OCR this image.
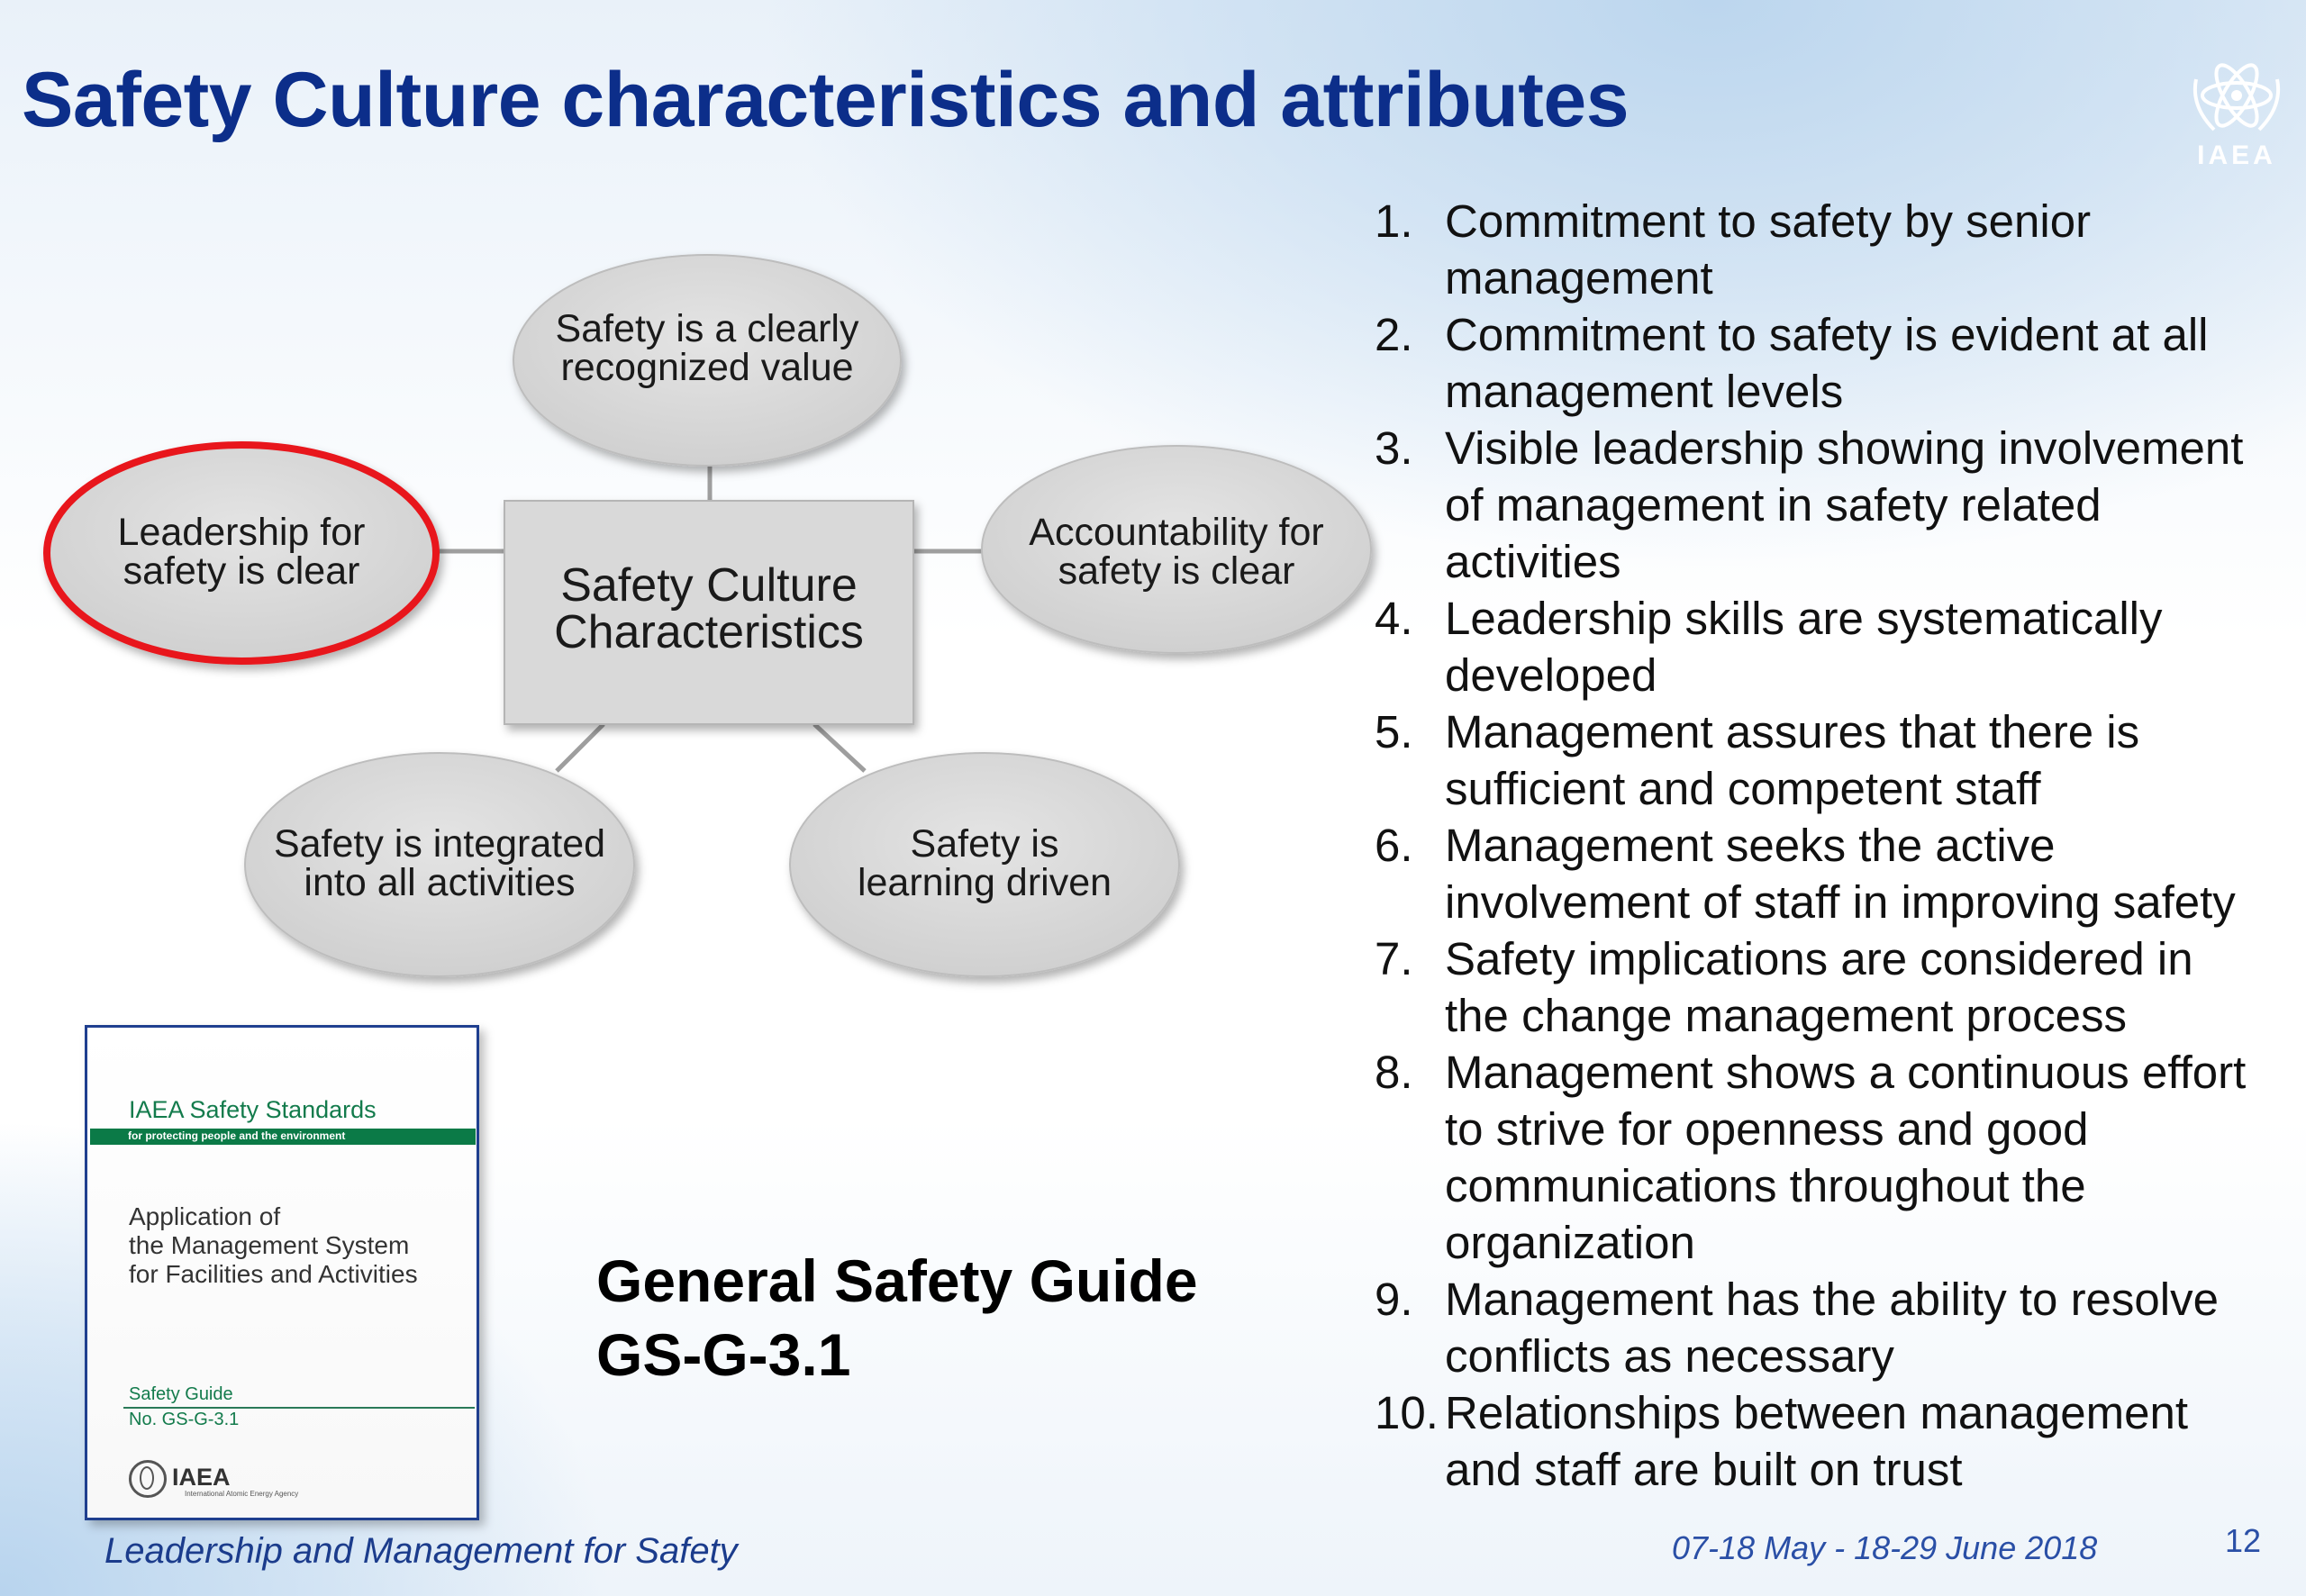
Safety Culture characteristics and attributes
IAEA
Safety is a clearly
recognized value
Leadership for
safety is clear
Accountability for
safety is clear
Safety is integrated
into all activities
Safety is
learning driven
Safety Culture
Characteristics
1. Commitment to safety by senior
management
2. Commitment to safety is evident at all
management levels
3. Visible leadership showing involvement
of management in safety related
activities
4. Leadership skills are systematically
developed
5. Management assures that there is
sufficient and competent staff
6. Management seeks the active
involvement of staff in improving safety
7. Safety implications are considered in
the change management process
8. Management shows a continuous effort
to strive for openness and good
communications throughout the
organization
9. Management has the ability to resolve
conflicts as necessary
10. Relationships between management
and staff are built on trust
IAEA Safety Standards
for protecting people and the environment
Application of
the Management System
for Facilities and Activities
Safety Guide
No. GS-G-3.1
IAEA
International Atomic Energy Agency
General Safety Guide
GS-G-3.1
Leadership and Management for Safety	07-18 May - 18-29 June 2018	12
